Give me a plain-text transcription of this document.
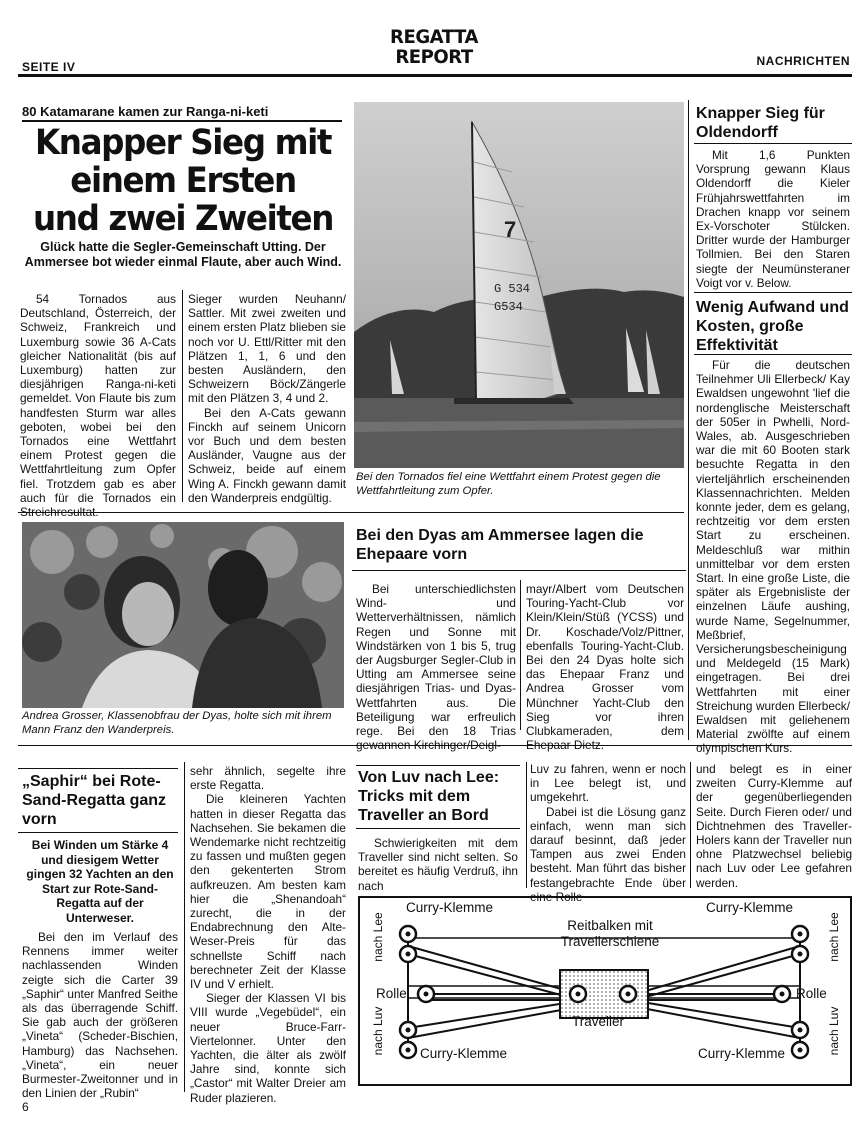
SEITE IV
REGATTA
REPORT	NACHRICHTEN
80 Katamarane kamen zur Ranga-ni-keti
Knapper Sieg mit
einem Ersten
und zwei Zweiten
Glück hatte die Segler-Gemeinschaft Utting. Der Ammersee bot wieder einmal Flaute, aber auch Wind.

54 Tornados aus Deutschland, Österreich, der Schweiz, Frankreich und Luxemburg sowie 36 A-Cats gleicher Nationalität (bis auf Luxemburg) hatten zur diesjährigen Ranga-ni-keti gemeldet. Von Flaute bis zum handfesten Sturm war alles geboten, wobei bei den Tornados eine Wettfahrt einem Protest gegen die Wettfahrtleitung zum Opfer fiel. Trotzdem gab es aber auch für die Tornados ein Streichresultat.

Sieger wurden Neuhann/ Sattler. Mit zwei zweiten und einem ersten Platz blieben sie noch vor U. Ettl/Ritter mit den Plätzen 1, 1, 6 und den besten Ausländern, den Schweizern Böck/Zängerle mit den Plätzen 3, 4 und 2.

Bei den A-Cats gewann Finckh auf seinem Unicorn vor Buch und dem besten Ausländer, Vaugne aus der Schweiz, beide auf einem Wing A. Finckh gewann damit den Wanderpreis endgültig.

7
G 534
G534
Bei den Tornados fiel eine Wettfahrt einem Protest gegen die Wettfahrtleitung zum Opfer.
Knapper Sieg für Oldendorff

Mit 1,6 Punkten Vorsprung gewann Klaus Oldendorff die Kieler Frühjahrswettfahrten im Drachen knapp vor seinem Ex-Vorschoter Stülcken. Dritter wurde der Hamburger Tollmien. Bei den Staren siegte der Neumünsteraner Voigt vor v. Below.

Wenig Aufwand und Kosten, große Effektivität

Für die deutschen Teilnehmer Uli Ellerbeck/ Kay Ewaldsen ungewohnt 'lief die nordenglische Meisterschaft der 505er in Pwhelli, Nord-Wales, ab. Ausgeschrieben war die mit 60 Booten stark besuchte Regatta in den vierteljährlich erscheinenden Klassennachrichten. Melden konnte jeder, dem es gelang, rechtzeitig vor dem ersten Start zu erscheinen. Meldeschluß war mithin unmittelbar vor dem ersten Start. In eine große Liste, die später als Ergebnisliste der einzelnen Läufe aushing, wurde Name, Segelnummer, Meßbrief, Versicherungsbescheinigung und Meldegeld (15 Mark) eingetragen. Bei drei Wettfahrten mit einer Streichung wurden Ellerbeck/ Ewaldsen mit geliehenem Material zwölfte auf einem olympischen Kurs.

Andrea Grosser, Klassenobfrau der Dyas, holte sich mit ihrem Mann Franz den Wanderpreis.
Bei den Dyas am Ammersee lagen die Ehepaare vorn

Bei unterschiedlichsten Wind- und Wetterverhältnissen, nämlich Regen und Sonne mit Windstärken von 1 bis 5, trug der Augsburger Segler-Club in Utting am Ammersee seine diesjährigen Trias- und Dyas-Wettfahrten aus. Die Beteiligung war erfreulich rege. Bei den 18 Trias gewannen Kirchinger/Deigl-

mayr/Albert vom Deutschen Touring-Yacht-Club vor Klein/Klein/Stüß (YCSS) und Dr. Koschade/Volz/Pittner, ebenfalls Touring-Yacht-Club. Bei den 24 Dyas holte sich das Ehepaar Franz und Andrea Grosser vom Münchner Yacht-Club den Sieg vor ihren Clubkameraden, dem Ehepaar Dietz.

„Saphir“ bei Rote-Sand-Regatta ganz vorn
Bei Winden um Stärke 4 und diesigem Wetter gingen 32 Yachten an den Start zur Rote-Sand-Regatta auf der Unterweser.

Bei den im Verlauf des Rennens immer weiter nachlassenden Winden zeigte sich die Carter 39 „Saphir“ unter Manfred Seithe als das überragende Schiff. Sie gab auch der größeren „Vineta“ (Scheder-Bischien, Hamburg) das Nachsehen. „Vineta“, ein neuer Burmester-Zweitonner und in den Linien der „Rubin“

sehr ähnlich, segelte ihre erste Regatta.

Die kleineren Yachten hatten in dieser Regatta das Nachsehen. Sie bekamen die Wendemarke nicht rechtzeitig zu fassen und mußten gegen den gekenterten Strom aufkreuzen. Am besten kam hier die „Shenandoah“ zurecht, die in der Endabrechnung den Alte-Weser-Preis für das schnellste Schiff nach berechneter Zeit der Klasse IV und V erhielt.

Sieger der Klassen VI bis VIII wurde „Vegebüdel“, ein neuer Bruce-Farr-Viertelonner. Unter den Yachten, die älter als zwölf Jahre sind, konnte sich „Castor“ mit Walter Dreier am Ruder plazieren.

Von Luv nach Lee: Tricks mit dem Traveller an Bord

Schwierigkeiten mit dem Traveller sind nicht selten. So bereitet es häufig Verdruß, ihn nach

Luv zu fahren, wenn er noch in Lee belegt ist, und umgekehrt.

Dabei ist die Lösung ganz einfach, wenn man sich darauf besinnt, daß jeder Tampen aus zwei Enden besteht. Man führt das bisher festangebrachte Ende über eine Rolle

und belegt es in einer zweiten Curry-Klemme auf der gegenüberliegenden Seite. Durch Fieren oder/ und Dichtnehmen des Traveller-Holers kann der Traveller nun ohne Platzwechsel beliebig nach Luv oder Lee gefahren werden.

Curry-Klemme	Curry-Klemme
Reitbalken mit Travellerschiene
Rolle	Rolle
Traveller
Curry-Klemme	Curry-Klemme
nach Lee	nach Lee
nach Luv	nach Luv
6
